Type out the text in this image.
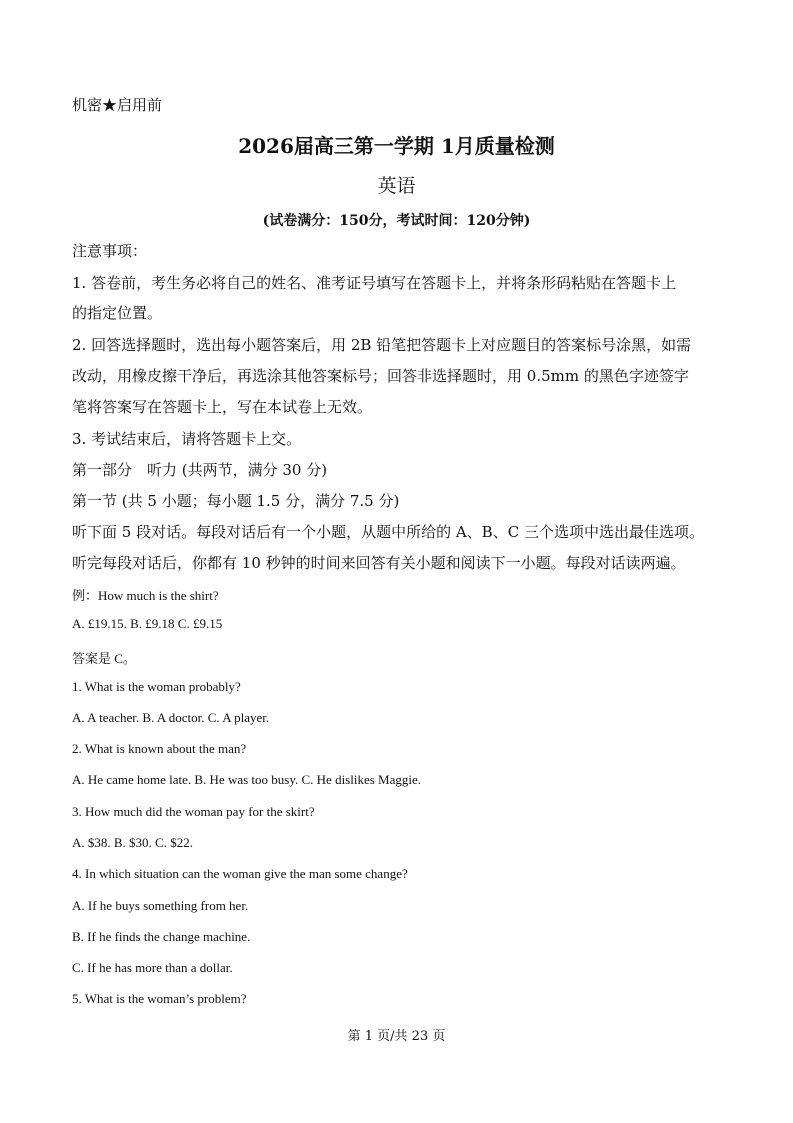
机密★启用前
2026届高三第一学期 1月质量检测
英语
(试卷满分：150分，考试时间：120分钟)
注意事项：
1. 答卷前，考生务必将自己的姓名、准考证号填写在答题卡上，并将条形码粘贴在答题卡上
的指定位置。
2. 回答选择题时，选出每小题答案后，用 2B 铅笔把答题卡上对应题目的答案标号涂黑，如需
改动，用橡皮擦干净后，再选涂其他答案标号；回答非选择题时，用 0.5mm 的黑色字迹签字
笔将答案写在答题卡上，写在本试卷上无效。
3. 考试结束后，请将答题卡上交。
第一部分　听力 (共两节，满分 30 分)
第一节 (共 5 小题；每小题 1.5 分，满分 7.5 分)
听下面 5 段对话。每段对话后有一个小题，从题中所给的 A、B、C 三个选项中选出最佳选项。
听完每段对话后，你都有 10 秒钟的时间来回答有关小题和阅读下一小题。每段对话读两遍。
例：How much is the shirt?
A. £19.15. B. £9.18 C. £9.15
答案是 C。
1. What is the woman probably?
A. A teacher. B. A doctor. C. A player.
2. What is known about the man?
A. He came home late. B. He was too busy. C. He dislikes Maggie.
3. How much did the woman pay for the skirt?
A. $38. B. $30. C. $22.
4. In which situation can the woman give the man some change?
A. If he buys something from her.
B. If he finds the change machine.
C. If he has more than a dollar.
5. What is the woman’s problem?
第 1 页/共 23 页
